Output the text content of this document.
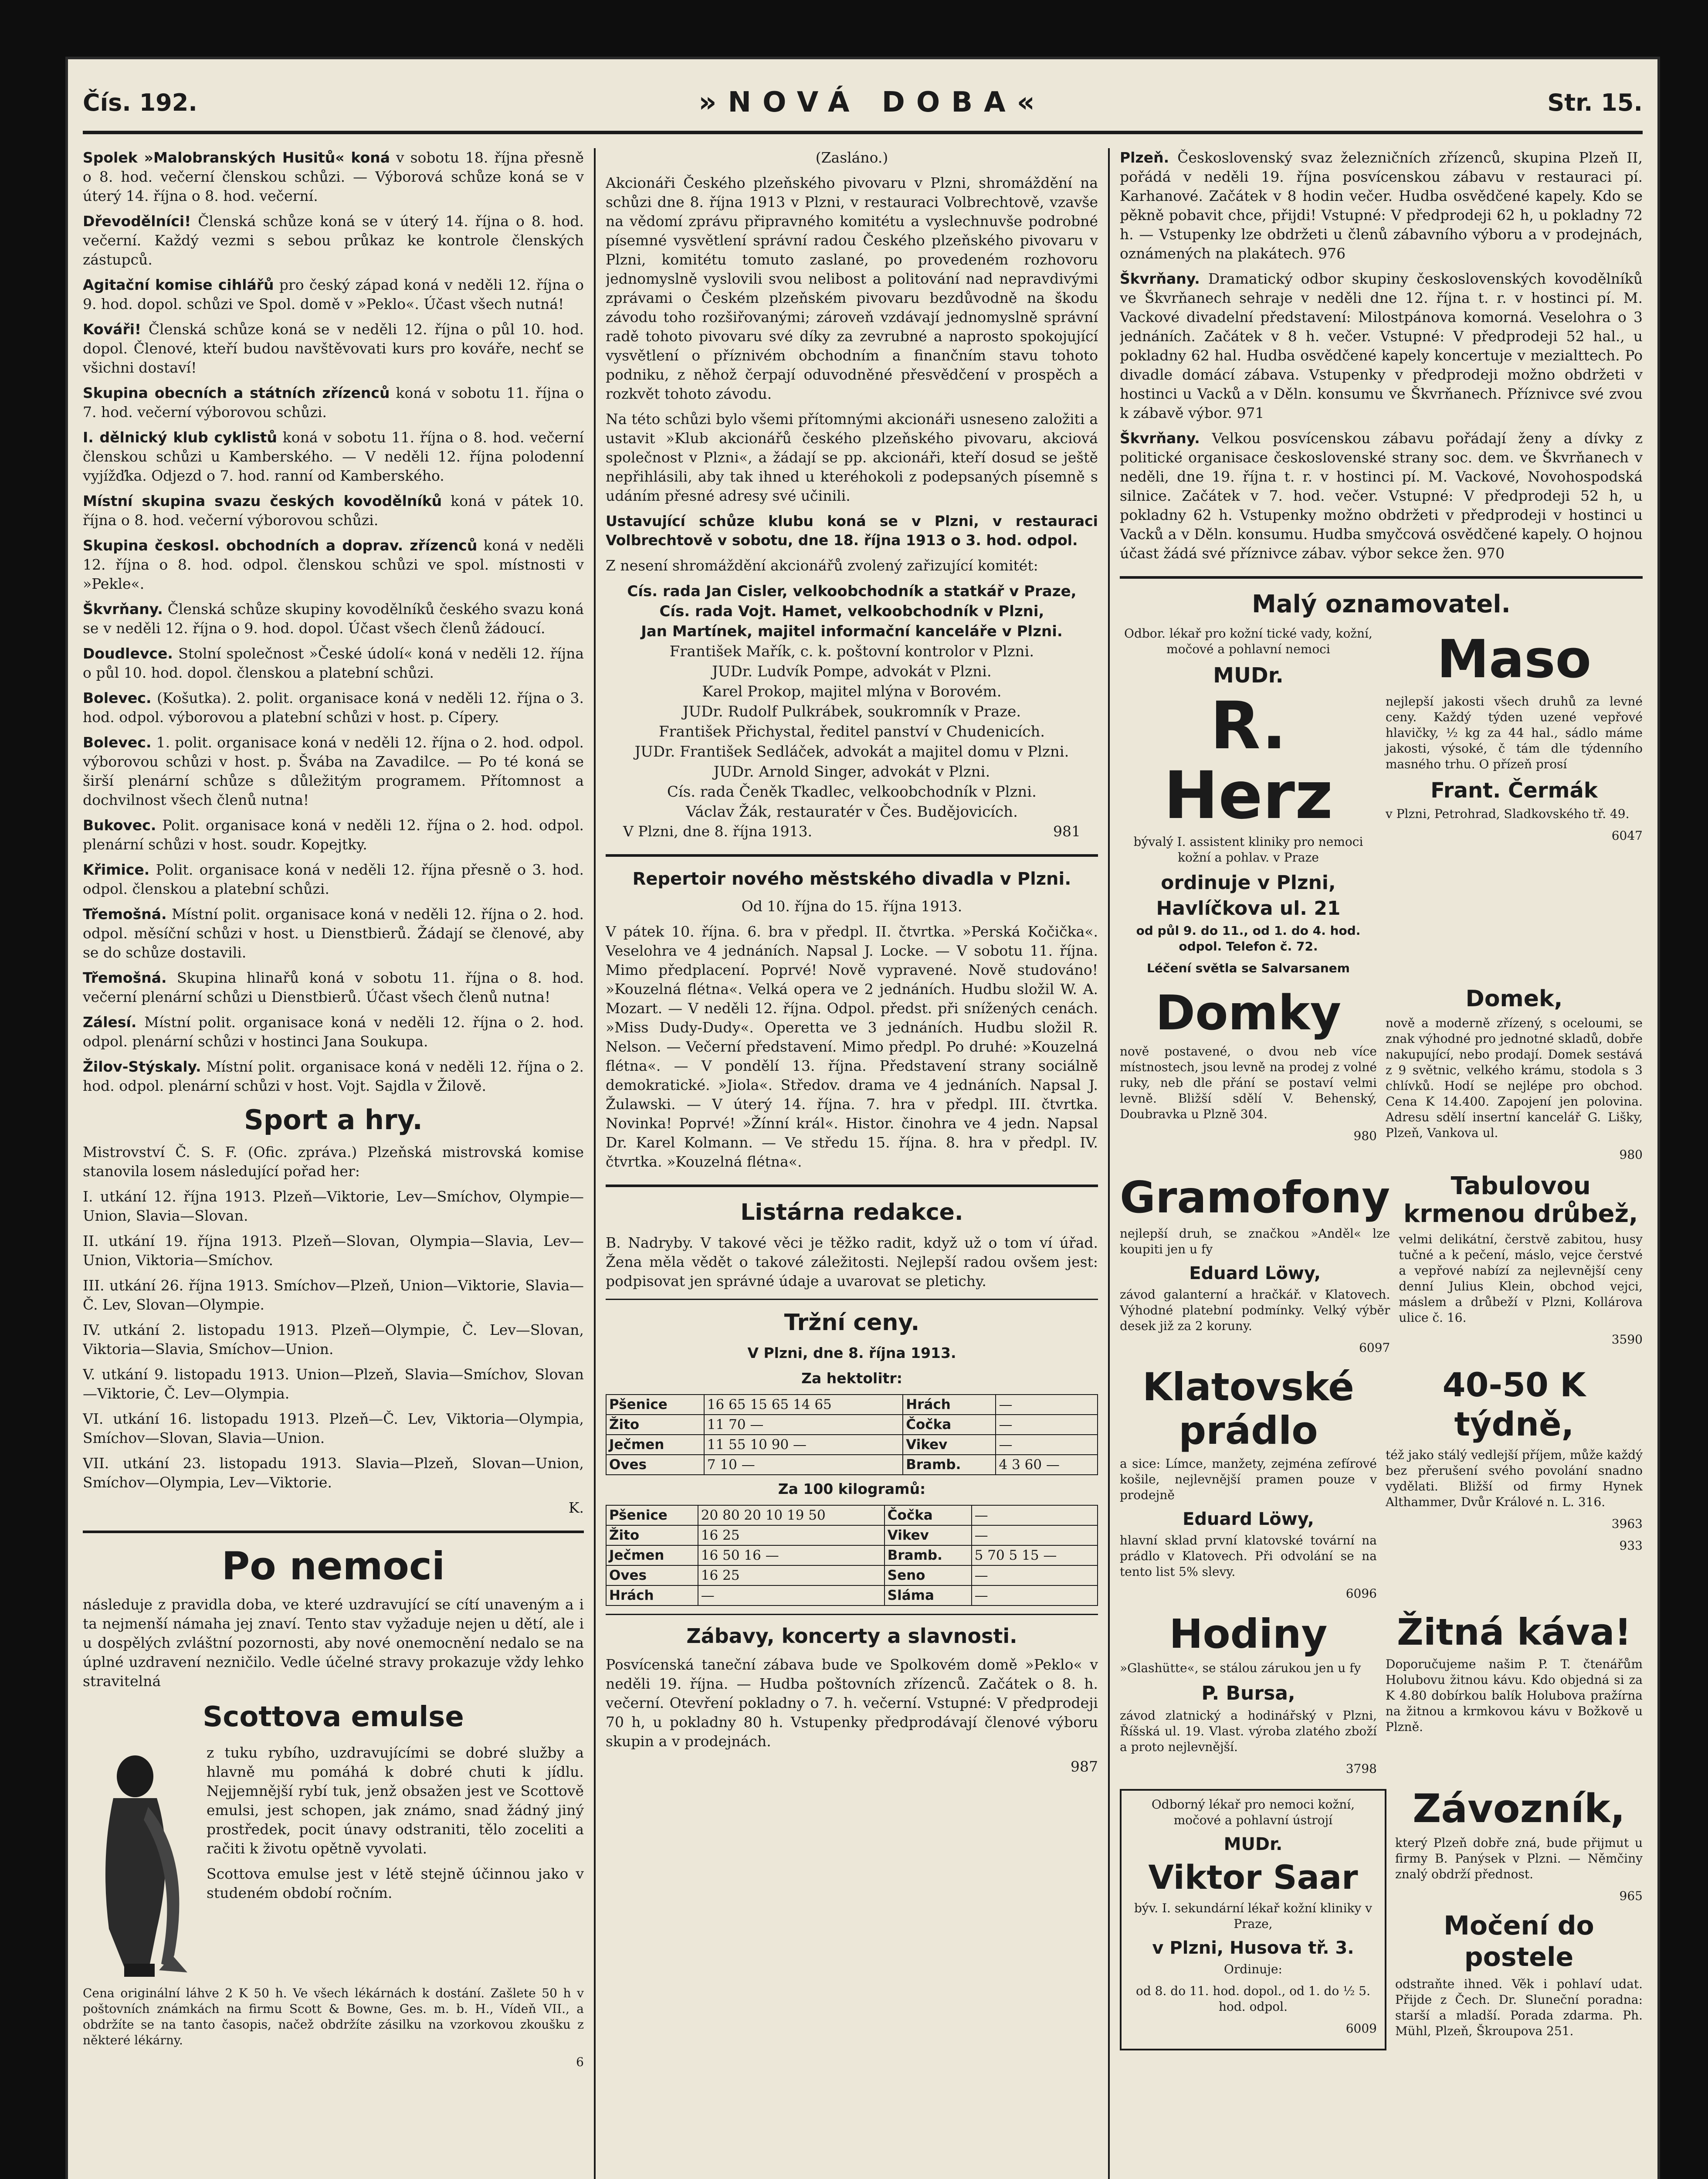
Čís. 192.	»NOVÁ DOBA«	Str. 15.

Spolek »Malobranských Husitů« koná v sobotu 18. října přesně o 8. hod. večerní členskou schůzi. — Výborová schůze koná se v úterý 14. října o 8. hod. večerní.

Dřevodělníci! Členská schůze koná se v úterý 14. října o 8. hod. večerní. Každý vezmi s sebou průkaz ke kontrole členských zástupců.

Agitační komise cihlářů pro český západ koná v neděli 12. října o 9. hod. dopol. schůzi ve Spol. domě v »Peklo«. Účast všech nutná!

Kováři! Členská schůze koná se v neděli 12. října o půl 10. hod. dopol. Členové, kteří budou navštěvovati kurs pro kováře, nechť se všichni dostaví!

Skupina obecních a státních zřízenců koná v sobotu 11. října o 7. hod. večerní výborovou schůzi.

I. dělnický klub cyklistů koná v sobotu 11. října o 8. hod. večerní členskou schůzi u Kamberského. — V neděli 12. října polodenní vyjížďka. Odjezd o 7. hod. ranní od Kamberského.

Místní skupina svazu českých kovodělníků koná v pátek 10. října o 8. hod. večerní výborovou schůzi.

Skupina českosl. obchodních a doprav. zřízenců koná v neděli 12. října o 8. hod. odpol. členskou schůzi ve spol. místnosti v »Pekle«.

Škvrňany. Členská schůze skupiny kovodělníků českého svazu koná se v neděli 12. října o 9. hod. dopol. Účast všech členů žádoucí.

Doudlevce. Stolní společnost »České údolí« koná v neděli 12. října o půl 10. hod. dopol. členskou a platební schůzi.

Bolevec. (Košutka). 2. polit. organisace koná v neděli 12. října o 3. hod. odpol. výborovou a platební schůzi v host. p. Cípery.

Bolevec. 1. polit. organisace koná v neděli 12. října o 2. hod. odpol. výborovou schůzi v host. p. Švába na Zavadilce. — Po té koná se širší plenární schůze s důležitým programem. Přítomnost a dochvilnost všech členů nutna!

Bukovec. Polit. organisace koná v neděli 12. října o 2. hod. odpol. plenární schůzi v host. soudr. Kopejtky.

Křimice. Polit. organisace koná v neděli 12. října přesně o 3. hod. odpol. členskou a platební schůzi.

Třemošná. Místní polit. organisace koná v neděli 12. října o 2. hod. odpol. měsíční schůzi v host. u Dienstbierů. Žádají se členové, aby se do schůze dostavili.

Třemošná. Skupina hlinařů koná v sobotu 11. října o 8. hod. večerní plenární schůzi u Dienstbierů. Účast všech členů nutna!

Zálesí. Místní polit. organisace koná v neděli 12. října o 2. hod. odpol. plenární schůzi v hostinci Jana Soukupa.

Žilov-Stýskaly. Místní polit. organisace koná v neděli 12. října o 2. hod. odpol. plenární schůzi v host. Vojt. Sajdla v Žilově.

Sport a hry.

Mistrovství Č. S. F. (Ofic. zpráva.) Plzeňská mistrovská komise stanovila losem následující pořad her:

I. utkání 12. října 1913. Plzeň—Viktorie, Lev—Smíchov, Olympie—Union, Slavia—Slovan.

II. utkání 19. října 1913. Plzeň—Slovan, Olympia—Slavia, Lev—Union, Viktoria—Smíchov.

III. utkání 26. října 1913. Smíchov—Plzeň, Union—Viktorie, Slavia—Č. Lev, Slovan—Olympie.

IV. utkání 2. listopadu 1913. Plzeň—Olympie, Č. Lev—Slovan, Viktoria—Slavia, Smíchov—Union.

V. utkání 9. listopadu 1913. Union—Plzeň, Slavia—Smíchov, Slovan—Viktorie, Č. Lev—Olympia.

VI. utkání 16. listopadu 1913. Plzeň—Č. Lev, Viktoria—Olympia, Smíchov—Slovan, Slavia—Union.

VII. utkání 23. listopadu 1913. Slavia—Plzeň, Slovan—Union, Smíchov—Olympia, Lev—Viktorie.

K.

Po nemoci

následuje z pravidla doba, ve které uzdravující se cítí unaveným a i ta nejmenší námaha jej znaví. Tento stav vyžaduje nejen u dětí, ale i u dospělých zvláštní pozornosti, aby nové onemocnění nedalo se na úplné uzdravení nezničilo. Vedle účelné stravy prokazuje vždy lehko stravitelná

Scottova emulse

z tuku rybího, uzdravujícími se dobré služby a hlavně mu pomáhá k dobré chuti k jídlu. Nejjemnější rybí tuk, jenž obsažen jest ve Scottově emulsi, jest schopen, jak známo, snad žádný jiný prostředek, pocit únavy odstraniti, tělo zoceliti a račiti k životu opětně vyvolati.

Scottova emulse jest v létě stejně účinnou jako v studeném období ročním.

Cena originální láhve 2 K 50 h. Ve všech lékárnách k dostání. Zašlete 50 h v poštovních známkách na firmu Scott & Bowne, Ges. m. b. H., Vídeň VII., a obdržíte se na tanto časopis, načež obdržíte zásilku na vzorkovou zkoušku z některé lékárny.

6

(Zasláno.)

Akcionáři Českého plzeňského pivovaru v Plzni, shromáždění na schůzi dne 8. října 1913 v Plzni, v restauraci Volbrechtově, vzavše na vědomí zprávu připravného komitétu a vyslechnuvše podrobné písemné vysvětlení správní radou Českého plzeňského pivovaru v Plzni, komitétu tomuto zaslané, po provedeném rozhovoru jednomyslně vyslovili svou nelibost a politování nad nepravdivými zprávami o Českém plzeňském pivovaru bezdůvodně na škodu závodu toho rozšiřovanými; zároveň vzdávají jednomyslně správní radě tohoto pivovaru své díky za zevrubné a naprosto spokojující vysvětlení o příznivém obchodním a finančním stavu tohoto podniku, z něhož čerpají oduvodněné přesvědčení v prospěch a rozkvět tohoto závodu.

Na této schůzi bylo všemi přítomnými akcionáři usneseno založiti a ustavit »Klub akcionářů českého plzeňského pivovaru, akciová společnost v Plzni«, a žádají se pp. akcionáři, kteří dosud se ještě nepřihlásili, aby tak ihned u kteréhokoli z podepsaných písemně s udáním přesné adresy své učinili.

Ustavující schůze klubu koná se v Plzni, v restauraci Volbrechtově v sobotu, dne 18. října 1913 o 3. hod. odpol.

Z nesení shromáždění akcionářů zvolený zařizující komitét:

Cís. rada Jan Cisler, velkoobchodník a statkář v Praze,

Cís. rada Vojt. Hamet, velkoobchodník v Plzni,

Jan Martínek, majitel informační kanceláře v Plzni.

František Mařík, c. k. poštovní kontrolor v Plzni.

JUDr. Ludvík Pompe, advokát v Plzni.

Karel Prokop, majitel mlýna v Borovém.

JUDr. Rudolf Pulkrábek, soukromník v Praze.

František Přichystal, ředitel panství v Chudenicích.

JUDr. František Sedláček, advokát a majitel domu v Plzni.

JUDr. Arnold Singer, advokát v Plzni.

Cís. rada Čeněk Tkadlec, velkoobchodník v Plzni.

Václav Žák, restauratér v Čes. Budějovicích.

V Plzni, dne 8. října 1913.	981

Repertoir nového městského divadla v Plzni.

Od 10. října do 15. října 1913.

V pátek 10. října. 6. bra v předpl. II. čtvrtka. »Perská Kočička«. Veselohra ve 4 jednáních. Napsal J. Locke. — V sobotu 11. října. Mimo předplacení. Poprvé! Nově vypravené. Nově studováno! »Kouzelná flétna«. Velká opera ve 2 jednáních. Hudbu složil W. A. Mozart. — V neděli 12. října. Odpol. předst. při snížených cenách. »Miss Dudy-Dudy«. Operetta ve 3 jednáních. Hudbu složil R. Nelson. — Večerní představení. Mimo předpl. Po druhé: »Kouzelná flétna«. — V pondělí 13. října. Představení strany sociálně demokratické. »Jiola«. Středov. drama ve 4 jednáních. Napsal J. Žulawski. — V úterý 14. října. 7. hra v předpl. III. čtvrtka. Novinka! Poprvé! »Žínní král«. Histor. činohra ve 4 jedn. Napsal Dr. Karel Kolmann. — Ve středu 15. října. 8. hra v předpl. IV. čtvrtka. »Kouzelná flétna«.

Listárna redakce.

B. Nadryby. V takové věci je těžko radit, když už o tom ví úřad. Žena měla vědět o takové záležitosti. Nejlepší radou ovšem jest: podpisovat jen správné údaje a uvarovat se pletichy.

Tržní ceny.

V Plzni, dne 8. října 1913.

Za hektolitr:

Pšenice	16 65 15 65 14 65	Hrách	—
Žito	11 70 —	Čočka	—
Ječmen	11 55 10 90 —	Vikev	—
Oves	7 10 —	Bramb.	4 3 60 —

Za 100 kilogramů:

Pšenice	20 80 20 10 19 50	Čočka	—
Žito	16 25	Vikev	—
Ječmen	16 50 16 —	Bramb.	5 70 5 15 —
Oves	16 25	Seno	—
Hrách	—	Sláma	—
Zábavy, koncerty a slavnosti.

Posvícenská taneční zábava bude ve Spolkovém domě »Peklo« v neděli 19. října. — Hudba poštovních zřízenců. Začátek o 8. h. večerní. Otevření pokladny o 7. h. večerní. Vstupné: V předprodeji 70 h, u pokladny 80 h. Vstupenky předprodávají členové výboru skupin a v prodejnách.

987

Plzeň. Československý svaz železničních zřízenců, skupina Plzeň II, pořádá v neděli 19. října posvícenskou zábavu v restauraci pí. Karhanové. Začátek v 8 hodin večer. Hudba osvědčené kapely. Kdo se pěkně pobavit chce, přijdi! Vstupné: V předprodeji 62 h, u pokladny 72 h. — Vstupenky lze obdržeti u členů zábavního výboru a v prodejnách, oznámených na plakátech. 976

Škvrňany. Dramatický odbor skupiny československých kovodělníků ve Škvrňanech sehraje v neděli dne 12. října t. r. v hostinci pí. M. Vackové divadelní představení: Milostpánova komorná. Veselohra o 3 jednáních. Začátek v 8 h. večer. Vstupné: V předprodeji 52 hal., u pokladny 62 hal. Hudba osvědčené kapely koncertuje v mezialttech. Po divadle domácí zábava. Vstupenky v předprodeji možno obdržeti v hostinci u Vacků a v Děln. konsumu ve Škvrňanech. Příznivce své zvou k zábavě výbor. 971

Škvrňany. Velkou posvícenskou zábavu pořádají ženy a dívky z politické organisace československé strany soc. dem. ve Škvrňanech v neděli, dne 19. října t. r. v hostinci pí. M. Vackové, Novohospodská silnice. Začátek v 7. hod. večer. Vstupné: V předprodeji 52 h, u pokladny 62 h. Vstupenky možno obdržeti v předprodeji v hostinci u Vacků a v Děln. konsumu. Hudba smyčcová osvědčené kapely. O hojnou účast žádá své příznivce zábav. výbor sekce žen. 970

Malý oznamovatel.

Odbor. lékař pro kožní tické vady, kožní, močové a pohlavní nemoci

MUDr.
R. Herz

bývalý I. assistent kliniky pro nemoci kožní a pohlav. v Praze

ordinuje v Plzni,
Havlíčkova ul. 21

od půl 9. do 11., od 1. do 4. hod. odpol. Telefon č. 72.

Léčení světla se Salvarsanem

Maso

nejlepší jakosti všech druhů za levné ceny. Každý týden uzené vepřové hlavičky, ½ kg za 44 hal., sádlo máme jakosti, výsoké, č tám dle týdenního masného trhu. O přízeň prosí

Frant. Čermák

v Plzni, Petrohrad, Sladkovského tř. 49.

6047

Domky

nově postavené, o dvou neb více místnostech, jsou levně na prodej z volné ruky, neb dle přání se postaví velmi levně. Bližší sdělí V. Behenský, Doubravka u Plzně 304.

980

Domek,

nově a moderně zřízený, s oceloumi, se znak výhodné pro jednotné skladů, dobře nakupující, nebo prodají. Domek sestává z 9 světnic, velkého krámu, stodola s 3 chlívků. Hodí se nejlépe pro obchod. Cena K 14.400. Zapojení jen polovina. Adresu sdělí insertní kancelář G. Lišky, Plzeň, Vankova ul.

980

Gramofony

nejlepší druh, se značkou »Anděl« lze koupiti jen u fy

Eduard Löwy,

závod galanterní a hračkář. v Klatovech. Výhodné platební podmínky. Velký výběr desek již za 2 koruny.

6097

Tabulovou krmenou drůbež,

velmi delikátní, čerstvě zabitou, husy tučné a k pečení, máslo, vejce čerstvé a vepřové nabízí za nejlevnější ceny denní Julius Klein, obchod vejci, máslem a drůbeží v Plzni, Kollárova ulice č. 16.

3590

Klatovské prádlo

a sice: Límce, manžety, zejména zefírové košile, nejlevnější pramen pouze v prodejně

Eduard Löwy,

hlavní sklad první klatovské tovární na prádlo v Klatovech. Při odvolání se na tento list 5% slevy.

6096

40-50 K týdně,

též jako stálý vedlejší příjem, může každý bez přerušení svého povolání snadno vydělati. Bližší od firmy Hynek Althammer, Dvůr Králové n. L. 316.

3963

933

Hodiny

»Glashütte«, se stálou zárukou jen u fy

P. Bursa,

závod zlatnický a hodinářský v Plzni, Říšská ul. 19. Vlast. výroba zlatého zboží a proto nejlevnější.

3798

Žitná káva!

Doporučujeme našim P. T. čtenářům Holubovu žitnou kávu. Kdo objedná si za K 4.80 dobírkou balík Holubova pražírna na žitnou a krmkovou kávu v Božkově u Plzně.

Odborný lékař pro nemoci kožní, močové a pohlavní ústrojí

MUDr.
Viktor Saar

býv. I. sekundární lékař kožní kliniky v Praze,

v Plzni, Husova tř. 3.

Ordinuje:

od 8. do 11. hod. dopol., od 1. do ½ 5. hod. odpol.

6009

Závozník,

který Plzeň dobře zná, bude přijmut u firmy B. Panýsek v Plzni. — Němčiny znalý obdrží přednost.

965

Močení do postele

odstraňte ihned. Věk i pohlaví udat. Přijde z Čech. Dr. Sluneční poradna: starší a mladší. Porada zdarma. Ph. Mühl, Plzeň, Škroupova 251.
